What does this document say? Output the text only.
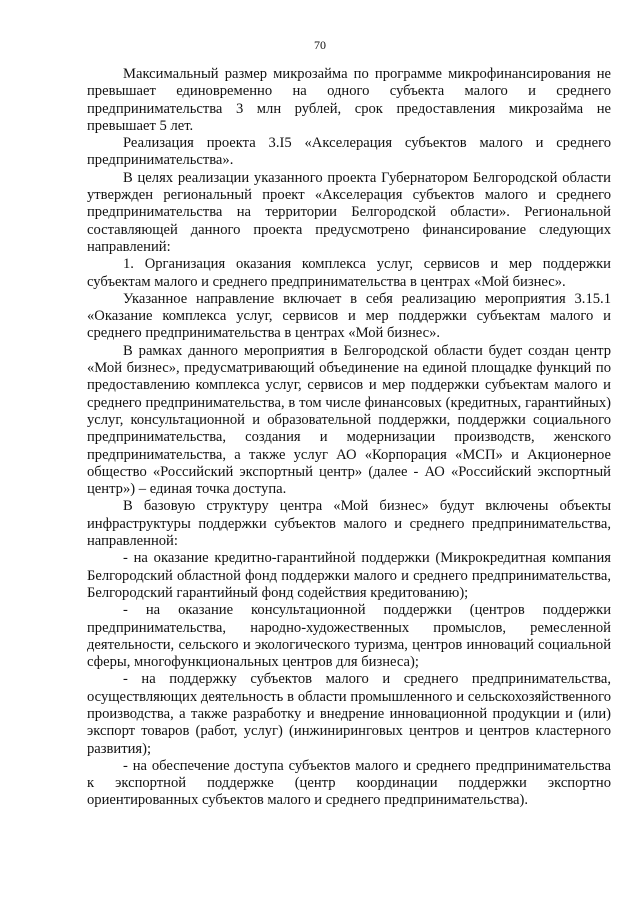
70

Максимальный размер микрозайма по программе микрофинансирования не превышает единовременно на одного субъекта малого и среднего предпринимательства 3 млн рублей, срок предоставления микрозайма не превышает 5 лет.

Реализация проекта 3.I5 «Акселерация субъектов малого и среднего предпринимательства».

В целях реализации указанного проекта Губернатором Белгородской области утвержден региональный проект «Акселерация субъектов малого и среднего предпринимательства на территории Белгородской области». Региональной составляющей данного проекта предусмотрено финансирование следующих направлений:

1. Организация оказания комплекса услуг, сервисов и мер поддержки субъектам малого и среднего предпринимательства в центрах «Мой бизнес».

Указанное направление включает в себя реализацию мероприятия 3.15.1 «Оказание комплекса услуг, сервисов и мер поддержки субъектам малого и среднего предпринимательства в центрах «Мой бизнес».

В рамках данного мероприятия в Белгородской области будет создан центр «Мой бизнес», предусматривающий объединение на единой площадке функций по предоставлению комплекса услуг, сервисов и мер поддержки субъектам малого и среднего предпринимательства, в том числе финансовых (кредитных, гарантийных) услуг, консультационной и образовательной поддержки, поддержки социального предпринимательства, создания и модернизации производств, женского предпринимательства, а также услуг АО «Корпорация «МСП» и Акционерное общество «Российский экспортный центр» (далее - АО «Российский экспортный центр») – единая точка доступа.

В базовую структуру центра «Мой бизнес» будут включены объекты инфраструктуры поддержки субъектов малого и среднего предпринимательства, направленной:

- на оказание кредитно-гарантийной поддержки (Микрокредитная компания Белгородский областной фонд поддержки малого и среднего предпринимательства, Белгородский гарантийный фонд содействия кредитованию);

- на оказание консультационной поддержки (центров поддержки предпринимательства, народно-художественных промыслов, ремесленной деятельности, сельского и экологического туризма, центров инноваций социальной сферы, многофункциональных центров для бизнеса);

- на поддержку субъектов малого и среднего предпринимательства, осуществляющих деятельность в области промышленного и сельскохозяйственного производства, а также разработку и внедрение инновационной продукции и (или) экспорт товаров (работ, услуг) (инжиниринговых центров и центров кластерного развития);

- на обеспечение доступа субъектов малого и среднего предпринимательства к экспортной поддержке (центр координации поддержки экспортно ориентированных субъектов малого и среднего предпринимательства).
